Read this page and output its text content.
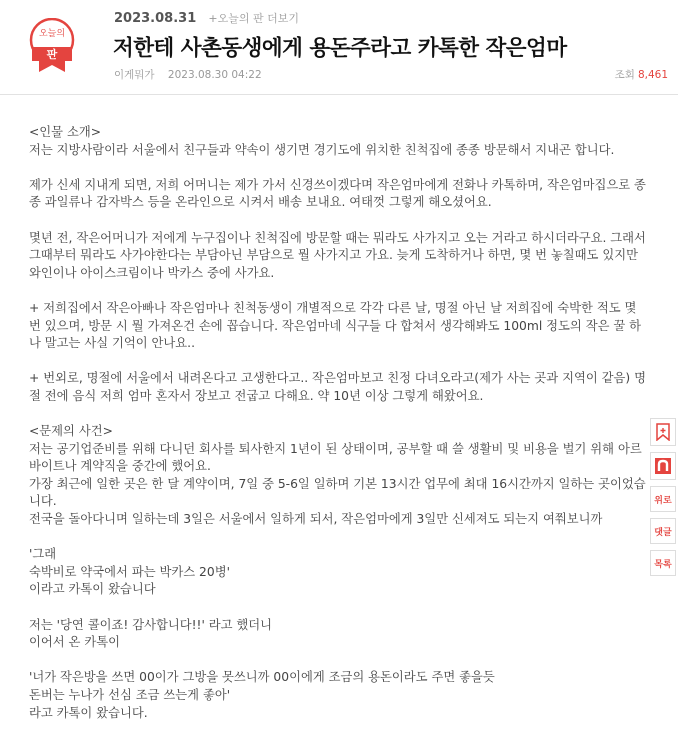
오늘의
판
2023.08.31 +오늘의 판 더보기
저한테 사촌동생에게 용돈주라고 카톡한 작은엄마
이게뭐가 2023.08.30 04:22	조회 8,461

<인물 소개>

저는 지방사람이라 서울에서 친구들과 약속이 생기면 경기도에 위치한 친척집에 종종 방문해서 지내곤 합니다.

제가 신세 지내게 되면, 저희 어머니는 제가 가서 신경쓰이겠다며 작은엄마에게 전화나 카톡하며, 작은엄마집으로 종종 과일류나 감자박스 등을 온라인으로 시켜서 배송 보내요. 여태껏 그렇게 해오셨어요.

몇년 전, 작은어머니가 저에게 누구집이나 친척집에 방문할 때는 뭐라도 사가지고 오는 거라고 하시더라구요. 그래서 그때부터 뭐라도 사가야한다는 부담아닌 부담으로 뭘 사가지고 가요. 늦게 도착하거나 하면, 몇 번 놓칠때도 있지만 와인이나 아이스크림이나 박카스 중에 사가요.

+ 저희집에서 작은아빠나 작은엄마나 친척동생이 개별적으로 각각 다른 날, 명절 아닌 날 저희집에 숙박한 적도 몇 번 있으며, 방문 시 뭘 가져온건 손에 꼽습니다. 작은엄마네 식구들 다 합쳐서 생각해봐도 100ml 정도의 작은 꿀 하나 말고는 사실 기억이 안나요..

+ 번외로, 명절에 서울에서 내려온다고 고생한다고.. 작은엄마보고 친정 다녀오라고(제가 사는 곳과 지역이 같음) 명절 전에 음식 저희 엄마 혼자서 장보고 전굽고 다해요. 약 10년 이상 그렇게 해왔어요.

<문제의 사건>

저는 공기업준비를 위해 다니던 회사를 퇴사한지 1년이 된 상태이며, 공부할 때 쓸 생활비 및 비용을 벌기 위해 아르바이트나 계약직을 중간에 했어요.

가장 최근에 일한 곳은 한 달 계약이며, 7일 중 5-6일 일하며 기본 13시간 업무에 최대 16시간까지 일하는 곳이었습니다.

전국을 돌아다니며 일하는데 3일은 서울에서 일하게 되서, 작은엄마에게 3일만 신세져도 되는지 여쭤보니까

'그래

숙박비로 약국에서 파는 박카스 20병'

이라고 카톡이 왔습니다

저는 '당연 콜이죠! 감사합니다!!' 라고 했더니

이어서 온 카톡이

'너가 작은방을 쓰면 00이가 그방을 못쓰니까 00이에게 조금의 용돈이라도 주면 좋을듯

돈버는 누나가 선심 조금 쓰는게 좋아'

라고 카톡이 왔습니다.

위로
댓글
목록
